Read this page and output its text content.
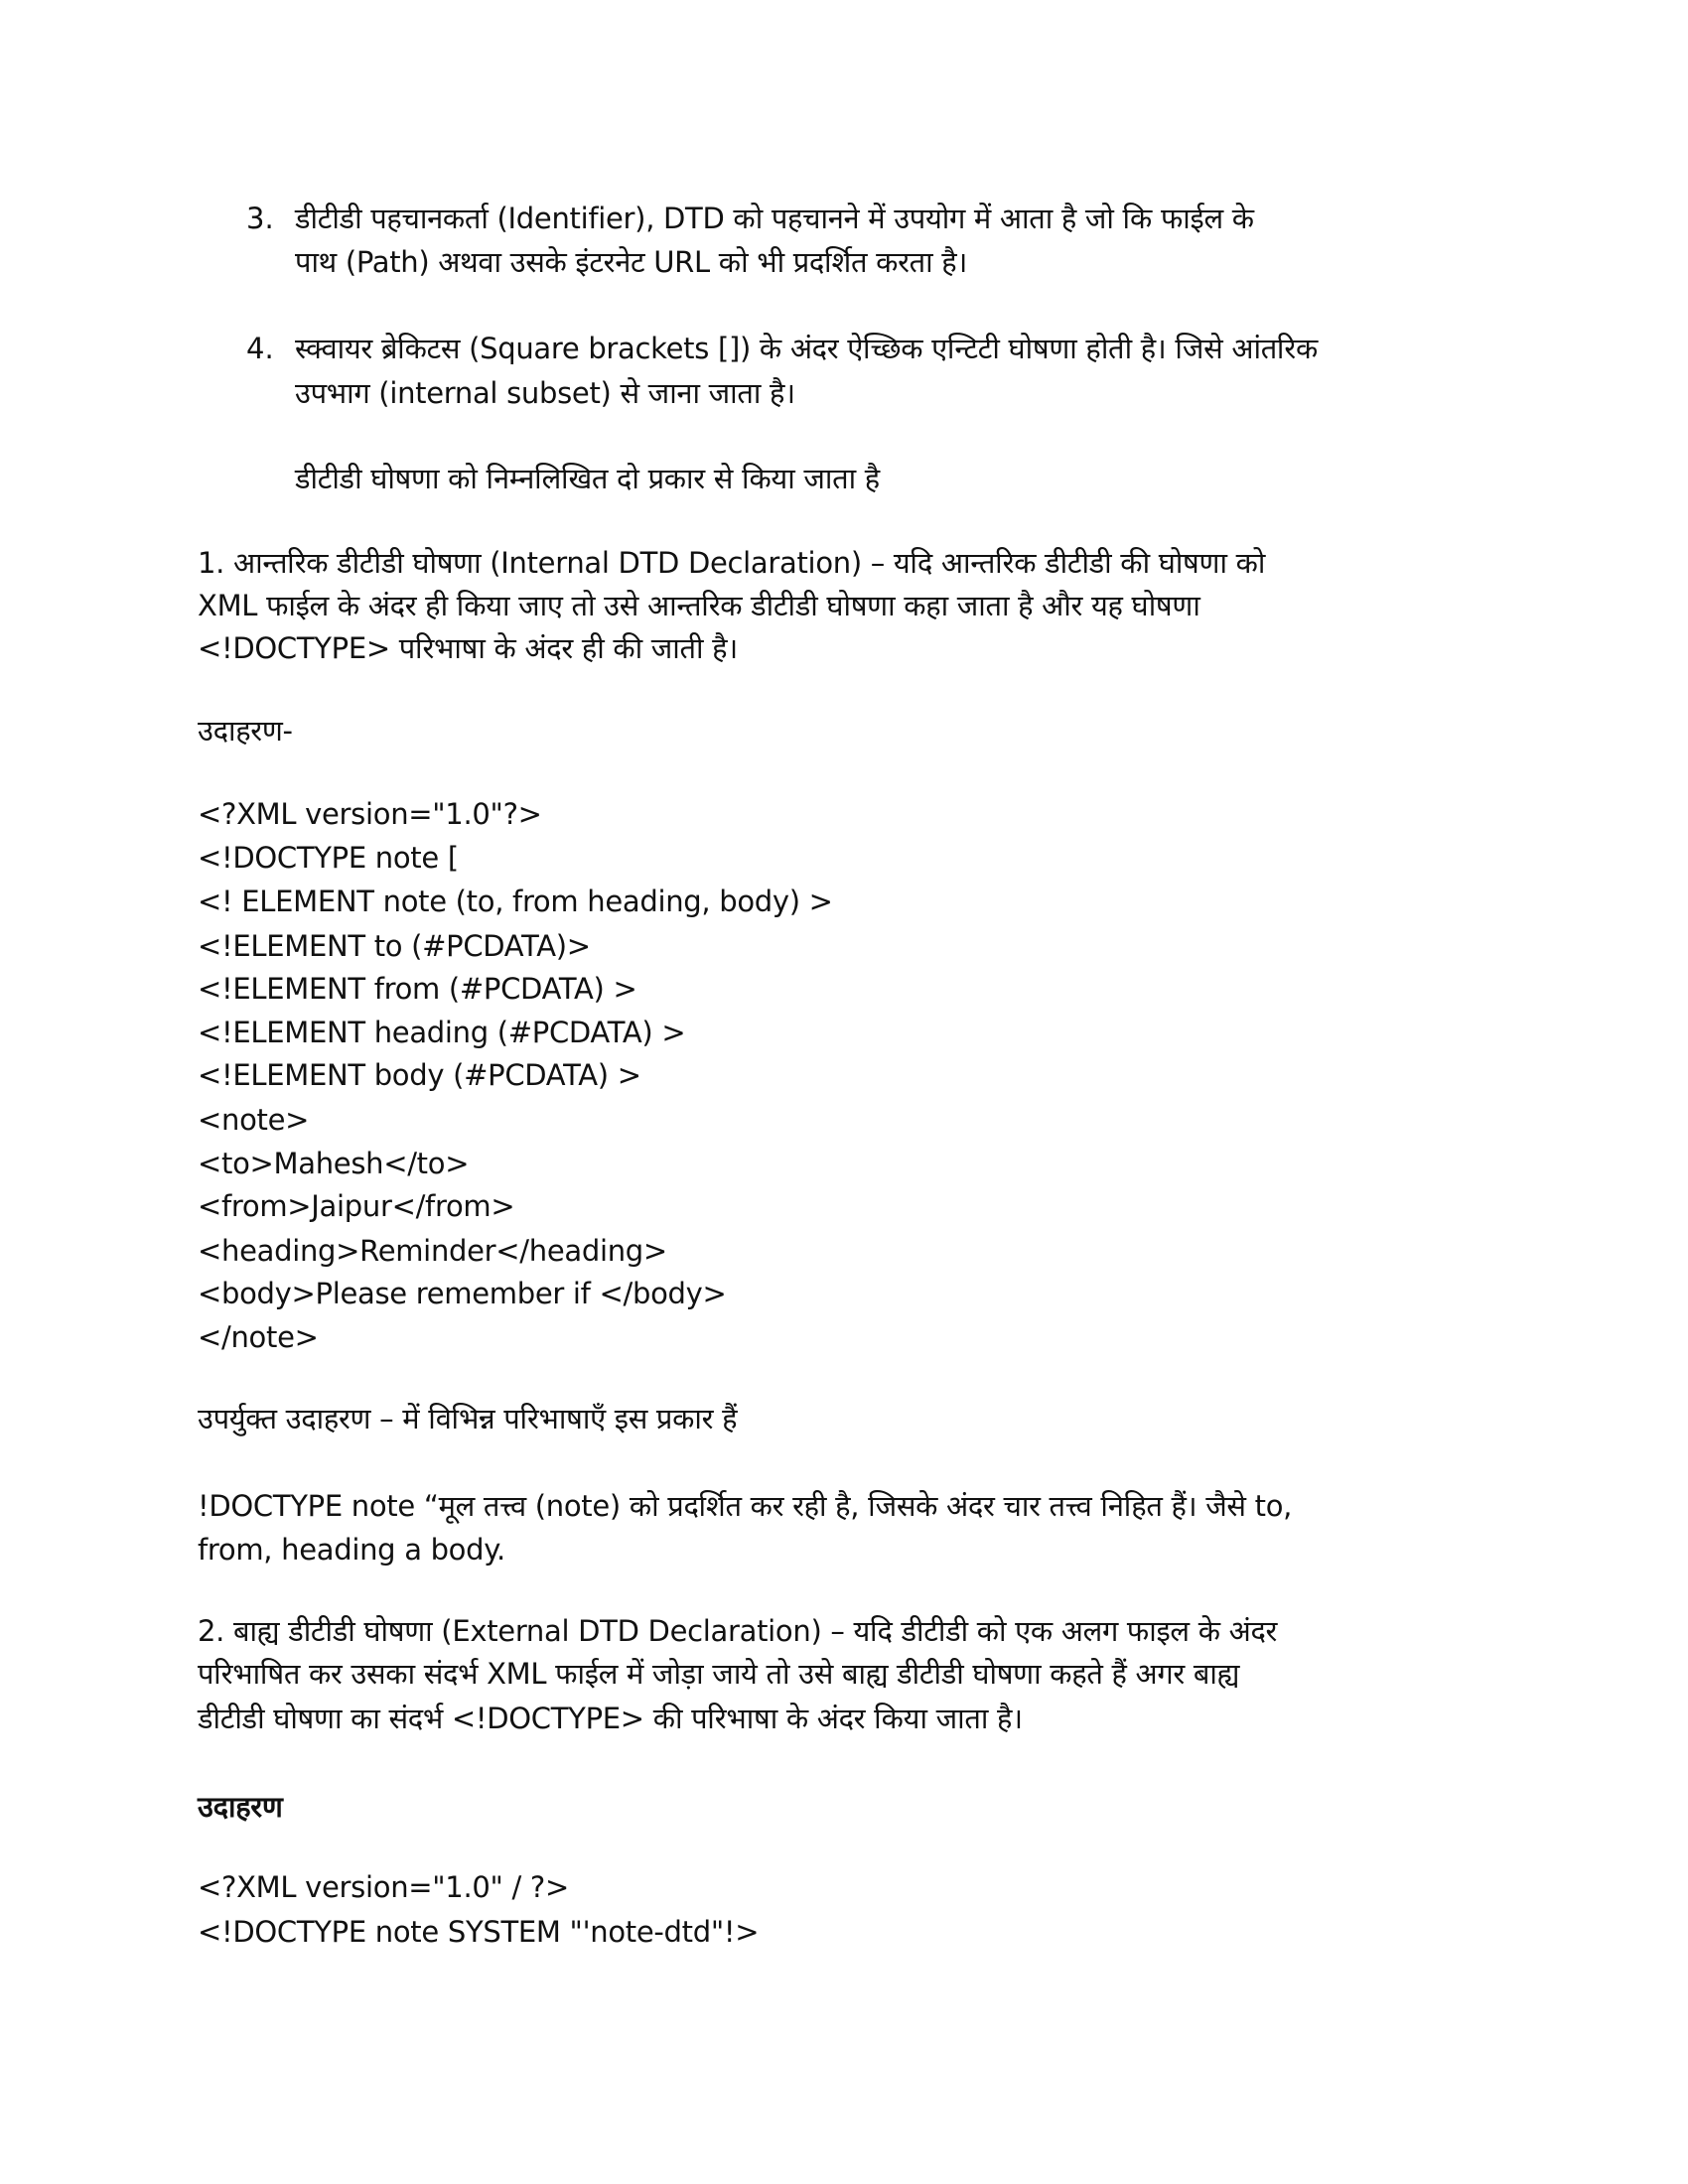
3. डीटीडी पहचानकर्ता (Identifier), DTD को पहचानने में उपयोग में आता है जो कि फाईल के
पाथ (Path) अथवा उसके इंटरनेट URL को भी प्रदर्शित करता है।
4. स्क्वायर ब्रेकिटस (Square brackets []) के अंदर ऐच्छिक एन्टिटी घोषणा होती है। जिसे आंतरिक
उपभाग (internal subset) से जाना जाता है।
डीटीडी घोषणा को निम्नलिखित दो प्रकार से किया जाता है
1. आन्तरिक डीटीडी घोषणा (Internal DTD Declaration) – यदि आन्तरिक डीटीडी की घोषणा को
XML फाईल के अंदर ही किया जाए तो उसे आन्तरिक डीटीडी घोषणा कहा जाता है और यह घोषणा
<!DOCTYPE> परिभाषा के अंदर ही की जाती है।
उदाहरण-
<?XML version="1.0"?>
<!DOCTYPE note [
<! ELEMENT note (to, from heading, body) >
<!ELEMENT to (#PCDATA)>
<!ELEMENT from (#PCDATA) >
<!ELEMENT heading (#PCDATA) >
<!ELEMENT body (#PCDATA) >
<note>
<to>Mahesh</to>
<from>Jaipur</from>
<heading>Reminder</heading>
<body>Please remember if </body>
</note>
उपर्युक्त उदाहरण – में विभिन्न परिभाषाएँ इस प्रकार हैं
!DOCTYPE note “मूल तत्त्व (note) को प्रदर्शित कर रही है, जिसके अंदर चार तत्त्व निहित हैं। जैसे to,
from, heading a body.
2. बाह्य डीटीडी घोषणा (External DTD Declaration) – यदि डीटीडी को एक अलग फाइल के अंदर
परिभाषित कर उसका संदर्भ XML फाईल में जोड़ा जाये तो उसे बाह्य डीटीडी घोषणा कहते हैं अगर बाह्य
डीटीडी घोषणा का संदर्भ <!DOCTYPE> की परिभाषा के अंदर किया जाता है।
उदाहरण
<?XML version="1.0" / ?>
<!DOCTYPE note SYSTEM "'note-dtd"!>
